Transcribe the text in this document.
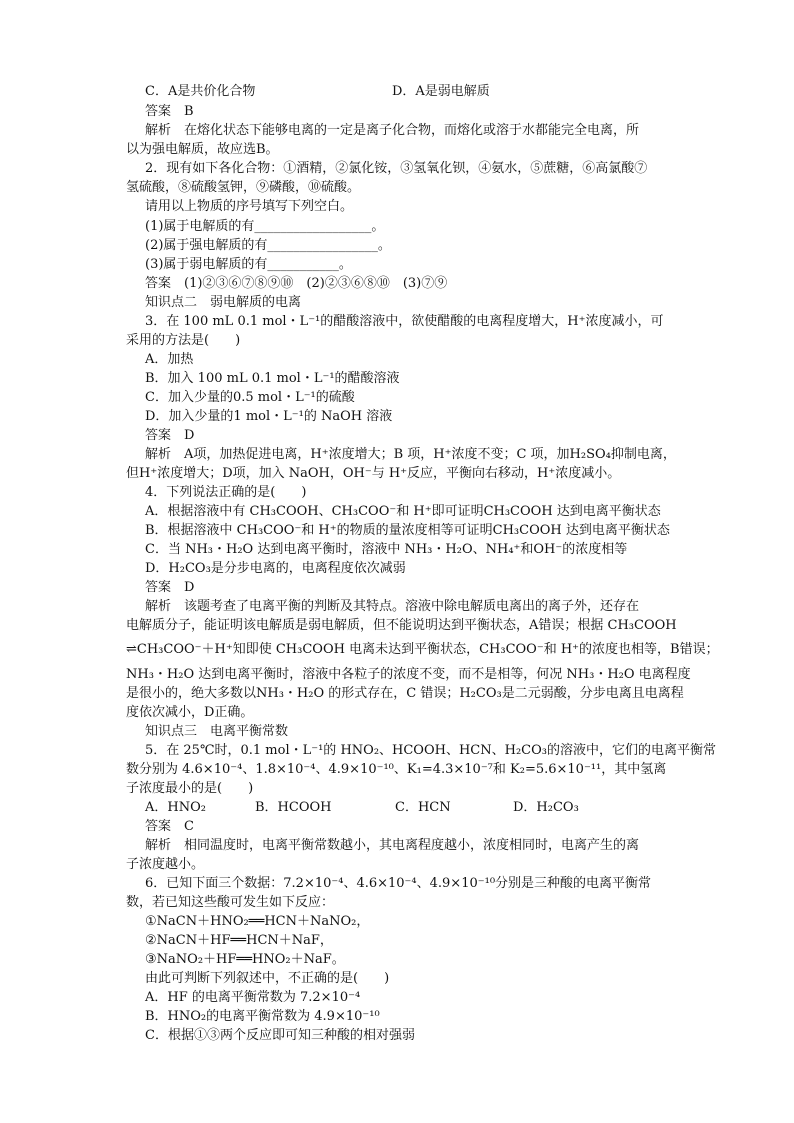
C．A是共价化合物	D．A是弱电解质
答案　B
解析　在熔化状态下能够电离的一定是离子化合物，而熔化或溶于水都能完全电离，所
以为强电解质，故应选B。
2．现有如下各化合物：①酒精，②氯化铵，③氢氧化钡，④氨水，⑤蔗糖，⑥高氯酸⑦
氢硫酸，⑧硫酸氢钾，⑨磷酸，⑩硫酸。
请用以上物质的序号填写下列空白。
(1)属于电解质的有__________________。
(2)属于强电解质的有_________________。
(3)属于弱电解质的有___________。
答案　(1)②③⑥⑦⑧⑨⑩　(2)②③⑥⑧⑩　(3)⑦⑨
知识点二　弱电解质的电离
3．在 100 mL 0.1 mol・L⁻¹的醋酸溶液中，欲使醋酸的电离程度增大，H⁺浓度减小，可
采用的方法是(　　)
A．加热
B．加入 100 mL 0.1 mol・L⁻¹的醋酸溶液
C．加入少量的0.5 mol・L⁻¹的硫酸
D．加入少量的1 mol・L⁻¹的 NaOH 溶液
答案　D
解析　A项，加热促进电离，H⁺浓度增大；B 项，H⁺浓度不变；C 项，加H₂SO₄抑制电离，
但H⁺浓度增大；D项，加入 NaOH，OH⁻与 H⁺反应，平衡向右移动，H⁺浓度减小。
4．下列说法正确的是(　　)
A．根据溶液中有 CH₃COOH、CH₃COO⁻和 H⁺即可证明CH₃COOH 达到电离平衡状态
B．根据溶液中 CH₃COO⁻和 H⁺的物质的量浓度相等可证明CH₃COOH 达到电离平衡状态
C．当 NH₃・H₂O 达到电离平衡时，溶液中 NH₃・H₂O、NH₄⁺和OH⁻的浓度相等
D．H₂CO₃是分步电离的，电离程度依次减弱
答案　D
解析　该题考查了电离平衡的判断及其特点。溶液中除电解质电离出的离子外，还存在
电解质分子，能证明该电解质是弱电解质，但不能说明达到平衡状态，A错误；根据 CH₃COOH
⇌CH₃COO⁻＋H⁺知即使 CH₃COOH 电离未达到平衡状态，CH₃COO⁻和 H⁺的浓度也相等，B错误；
NH₃・H₂O 达到电离平衡时，溶液中各粒子的浓度不变，而不是相等，何况 NH₃・H₂O 电离程度
是很小的，绝大多数以NH₃・H₂O 的形式存在，C 错误；H₂CO₃是二元弱酸，分步电离且电离程
度依次减小，D正确。
知识点三　电离平衡常数
5．在 25℃时，0.1 mol・L⁻¹的 HNO₂、HCOOH、HCN、H₂CO₃的溶液中，它们的电离平衡常
数分别为 4.6×10⁻⁴、1.8×10⁻⁴、4.9×10⁻¹⁰、K₁=4.3×10⁻⁷和 K₂=5.6×10⁻¹¹，其中氢离
子浓度最小的是(　　)
A．HNO₂	B．HCOOH	C．HCN	D．H₂CO₃
答案　C
解析　相同温度时，电离平衡常数越小，其电离程度越小，浓度相同时，电离产生的离
子浓度越小。
6．已知下面三个数据：7.2×10⁻⁴、4.6×10⁻⁴、4.9×10⁻¹⁰分别是三种酸的电离平衡常
数，若已知这些酸可发生如下反应：
①NaCN＋HNO₂══HCN＋NaNO₂，
②NaCN＋HF══HCN＋NaF，
③NaNO₂＋HF══HNO₂＋NaF。
由此可判断下列叙述中，不正确的是(　　)
A．HF 的电离平衡常数为 7.2×10⁻⁴
B．HNO₂的电离平衡常数为 4.9×10⁻¹⁰
C．根据①③两个反应即可知三种酸的相对强弱
